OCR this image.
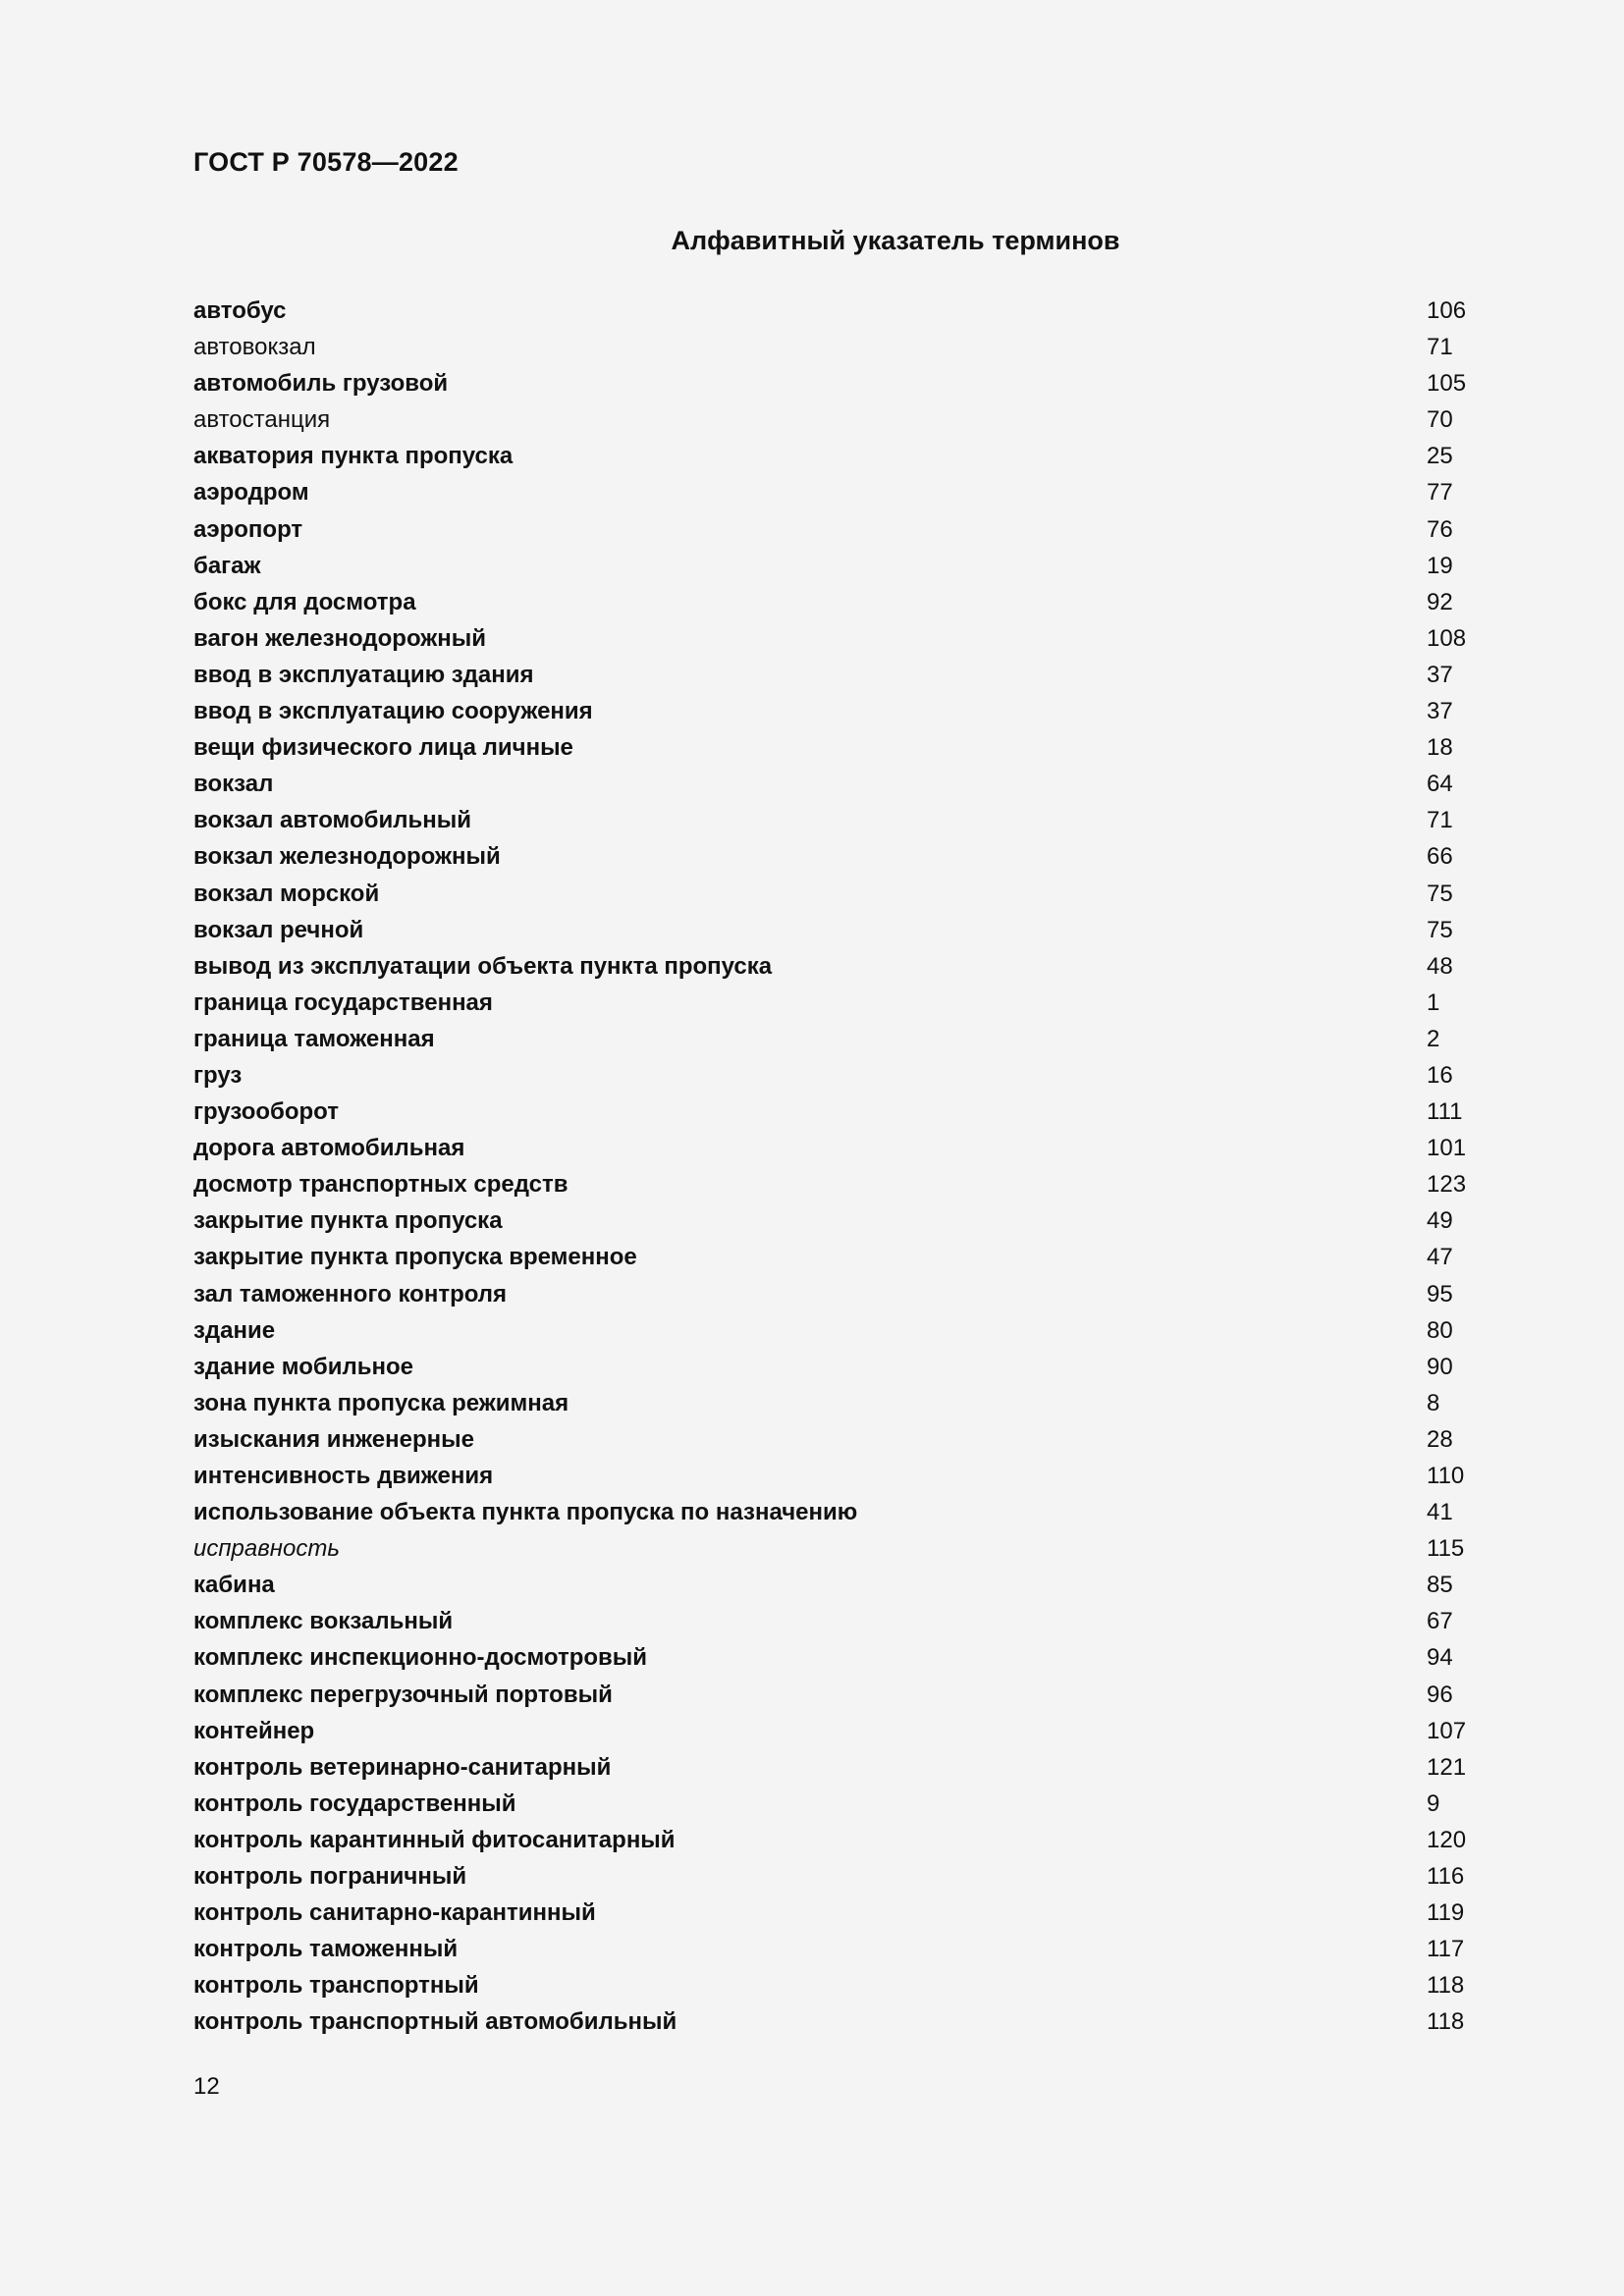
ГОСТ Р 70578—2022
Алфавитный указатель терминов
автобус	106
автовокзал	71
автомобиль грузовой	105
автостанция	70
акватория пункта пропуска	25
аэродром	77
аэропорт	76
багаж	19
бокс для досмотра	92
вагон железнодорожный	108
ввод в эксплуатацию здания	37
ввод в эксплуатацию сооружения	37
вещи физического лица личные	18
вокзал	64
вокзал автомобильный	71
вокзал железнодорожный	66
вокзал морской	75
вокзал речной	75
вывод из эксплуатации объекта пункта пропуска	48
граница государственная	1
граница таможенная	2
груз	16
грузооборот	111
дорога автомобильная	101
досмотр транспортных средств	123
закрытие пункта пропуска	49
закрытие пункта пропуска временное	47
зал таможенного контроля	95
здание	80
здание мобильное	90
зона пункта пропуска режимная	8
изыскания инженерные	28
интенсивность движения	110
использование объекта пункта пропуска по назначению	41
исправность	115
кабина	85
комплекс вокзальный	67
комплекс инспекционно-досмотровый	94
комплекс перегрузочный портовый	96
контейнер	107
контроль ветеринарно-санитарный	121
контроль государственный	9
контроль карантинный фитосанитарный	120
контроль пограничный	116
контроль санитарно-карантинный	119
контроль таможенный	117
контроль транспортный	118
контроль транспортный автомобильный	118
12
